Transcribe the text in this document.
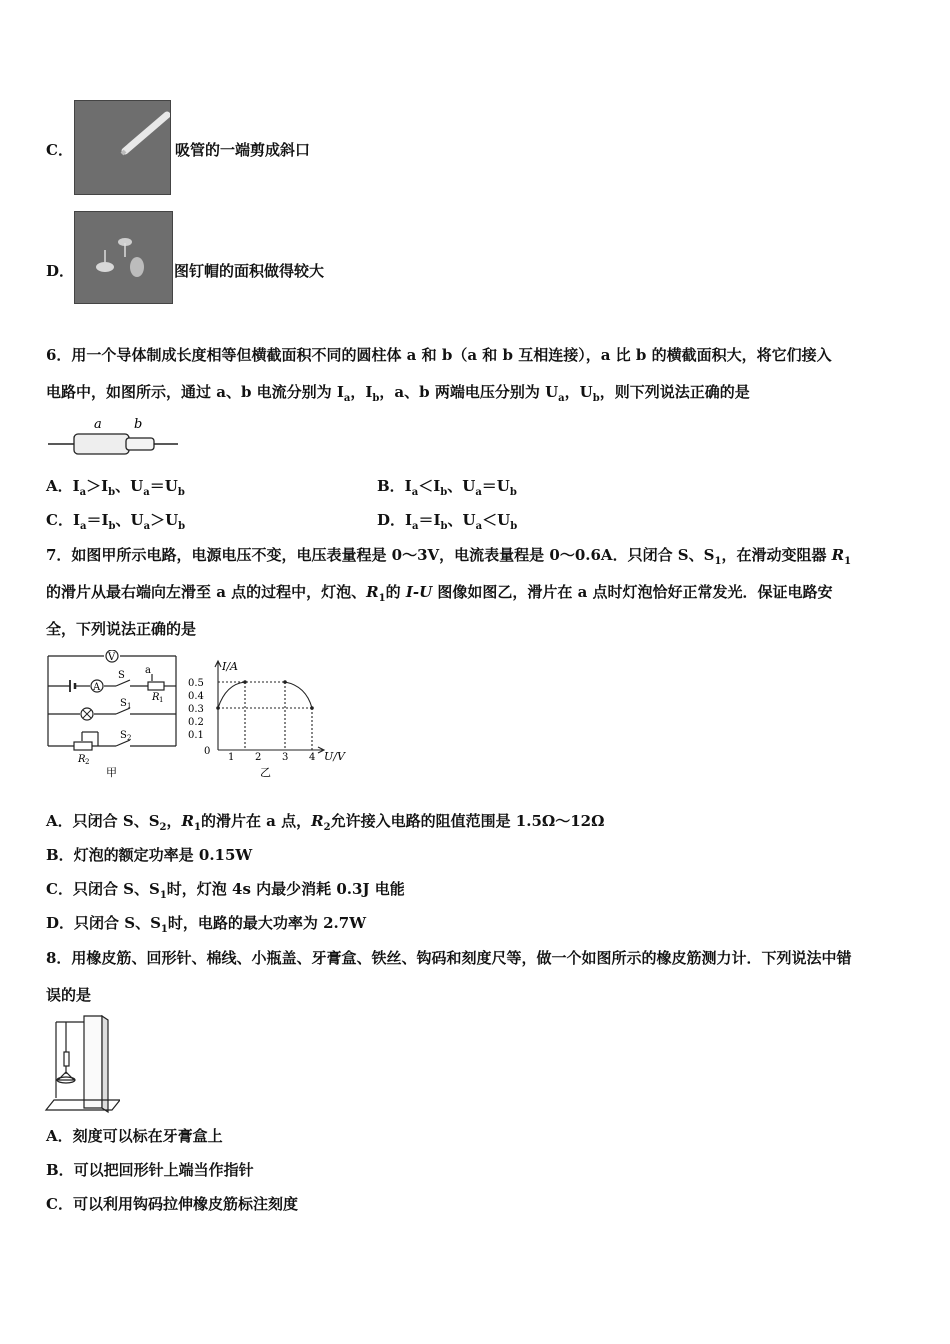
C．	吸管的一端剪成斜口
D．	图钉帽的面积做得较大
6．用一个导体制成长度相等但横截面积不同的圆柱体 a 和 b（a 和 b 互相连接），a 比 b 的横截面积大，将它们接入
电路中，如图所示，通过 a、b 电流分别为 $I_a$，$I_b$，a、b 两端电压分别为 $U_a$，$U_b$，则下列说法正确的是
a b
A．$I_a>I_b$、$U_a=U_b$	B．$I_a<I_b$、$U_a=U_b$
C．$I_a=I_b$、$U_a>U_b$	D．$I_a=I_b$、$U_a<U_b$
7．如图甲所示电路，电源电压不变，电压表量程是 0～3V，电流表量程是 0～0.6A．只闭合 S、$S_1$，在滑动变阻器 $R_1$
的滑片从最右端向左滑至 a 点的过程中，灯泡、$R_1$的 I-U 图像如图乙，滑片在 a 点时灯泡恰好正常发光．保证电路安
全，下列说法正确的是
V
A
S
S 1
S 2
a
R 1
R 2
甲
I/A
U/V
0
0.1
0.2
0.3
0.4
0.5
1 2 3 4
乙
A．只闭合 S、$S_2$，$R_1$的滑片在 a 点，$R_2$允许接入电路的阻值范围是 1.5Ω～12Ω
B．灯泡的额定功率是 0.15W
C．只闭合 S、$S_1$时，灯泡 4s 内最少消耗 0.3J 电能
D．只闭合 S、$S_1$时，电路的最大功率为 2.7W
8．用橡皮筋、回形针、棉线、小瓶盖、牙膏盒、铁丝、钩码和刻度尺等，做一个如图所示的橡皮筋测力计．下列说法中错
误的是
A．刻度可以标在牙膏盒上
B．可以把回形针上端当作指针
C．可以利用钩码拉伸橡皮筋标注刻度
